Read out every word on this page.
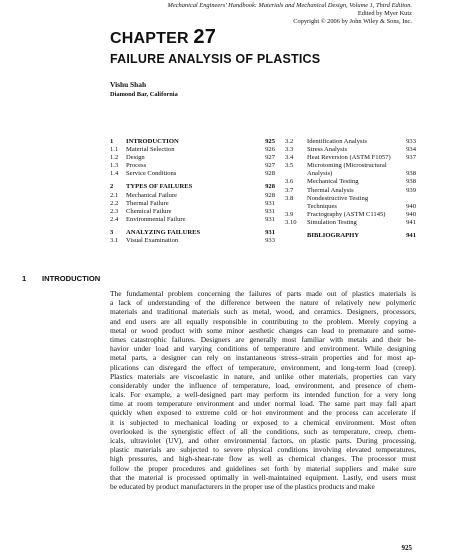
Mechanical Engineers' Handbook: Materials and Mechanical Design, Volume 1, Third Edition.
Edited by Myer Kutz
Copyright © 2006 by John Wiley & Sons, Inc.
CHAPTER 27
FAILURE ANALYSIS OF PLASTICS
Vishu Shah
Diamond Bar, California
1 INTRODUCTION	925
1.1 Material Selection	926
1.2 Design	927
1.3 Process	927
1.4 Service Conditions	928
2 TYPES OF FAILURES	928
2.1 Mechanical Failure	928
2.2 Thermal Failure	931
2.3 Chemical Failure	931
2.4 Environmental Failure	931
3 ANALYZING FAILURES	931
3.1 Visual Examination	933
3.2 Identification Analysis	933
3.3 Stress Analysis	934
3.4 Heat Reversion (ASTM F1057) 937
3.5 Microtoming (Microstructural
Analysis)	938
3.6 Mechanical Testing	938
3.7 Thermal Analysis	939
3.8 Nondestructive Testing
Techniques	940
3.9 Fractography (ASTM C1145)	940
3.10 Simulation Testing	941
BIBLIOGRAPHY	941
1 INTRODUCTION
The fundamental problem concerning the failures of parts made out of plastics materials is
a lack of understanding of the difference between the nature of relatively new polymeric
materials and traditional materials such as metal, wood, and ceramics. Designers, processors,
and end users are all equally responsible in contributing to the problem. Merely copying a
metal or wood product with some minor aesthetic changes can lead to premature and some-
times catastrophic failures. Designers are generally most familiar with metals and their be-
havior under load and varying conditions of temperature and environment. While designing
metal parts, a designer can rely on instantaneous stress–strain properties and for most ap-
plications can disregard the effect of temperature, environment, and long-term load (creep).
Plastics materials are viscoelastic in nature, and unlike other materials, properties can vary
considerably under the influence of temperature, load, environment, and presence of chem-
icals. For example, a well-designed part may perform its intended function for a very long
time at room temperature environment and under normal load. The same part may fall apart
quickly when exposed to extreme cold or hot environment and the process can accelerate if
it is subjected to mechanical loading or exposed to a chemical environment. Most often
overlooked is the synergistic effect of all the conditions, such as temperature, creep, chem-
icals, ultraviolet (UV), and other environmental factors, on plastic parts. During processing,
plastic materials are subjected to severe physical conditions involving elevated temperatures,
high pressures, and high-shear-rate flow as well as chemical changes. The processor must
follow the proper procedures and guidelines set forth by material suppliers and make sure
that the material is processed optimally in well-maintained equipment. Lastly, end users must
be educated by product manufacturers in the proper use of the plastics products and make
925
